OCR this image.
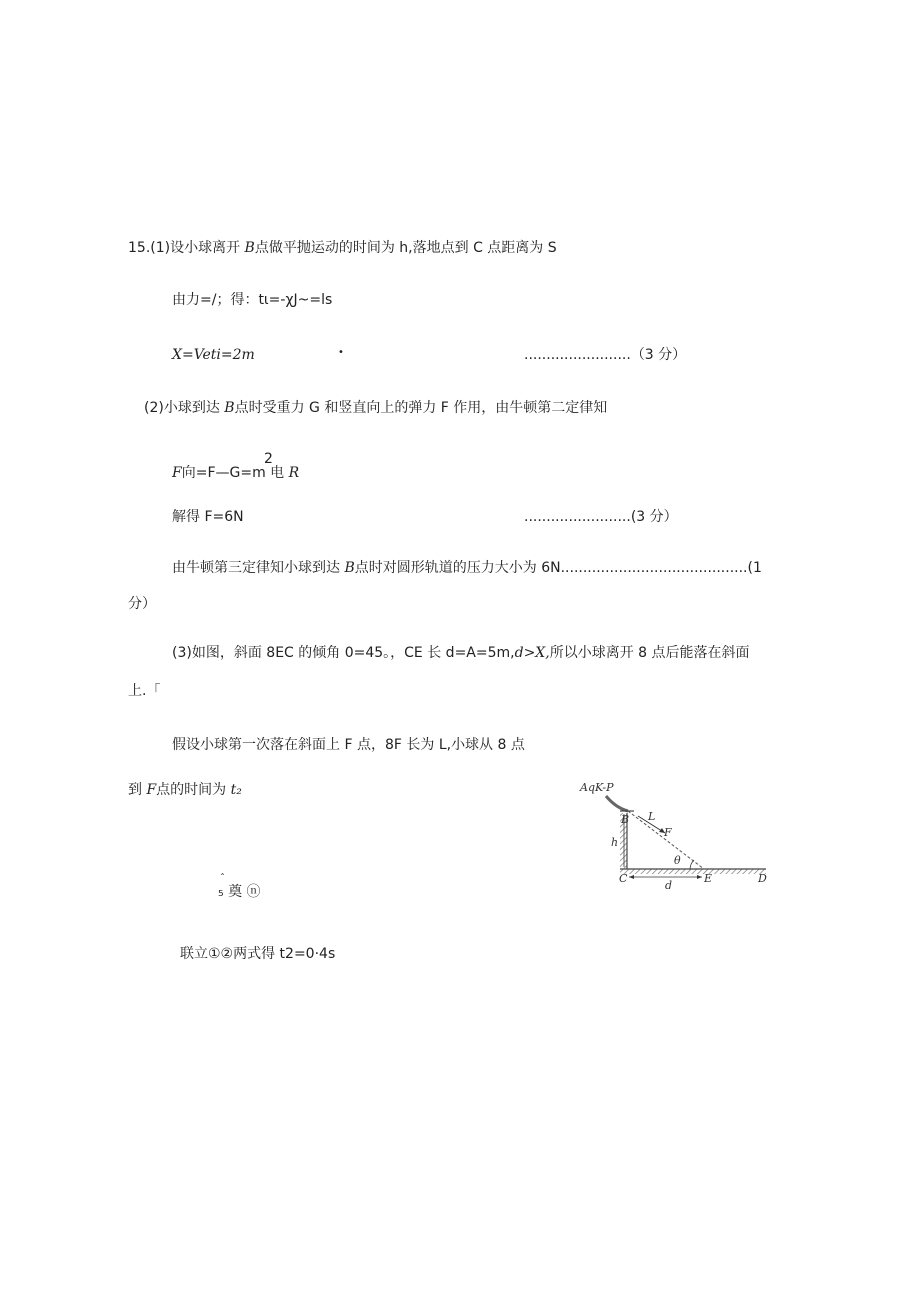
15.(1)设小球离开 B点做平抛运动的时间为 h,落地点到 C 点距离为 S
由力=/；得：tι=-χJ~=ls
X=Veti=2m	•	........................（3 分）
(2)小球到达 B点时受重力 G 和竖直向上的弹力 F 作用，由牛顿第二定律知
2
F向=F—G=m 电 R
解得 F=6N	........................(3 分）
由牛顿第三定律知小球到达 B点时对圆形轨道的压力大小为 6N..........................................(1
分）
(3)如图，斜面 8EC 的倾角 0=45。，CE 长 d=A=5m,d>X,所以小球离开 8 点后能落在斜面
上.「
假设小球第一次落在斜面上 F 点，8F 长为 L,小球从 8 点
到 F点的时间为 t₂
ˆ
₅ 奠 ⓝ
联立①②两式得 t2=0·4s
AqK-P
B L
F
h
θ
C
d
E	D
